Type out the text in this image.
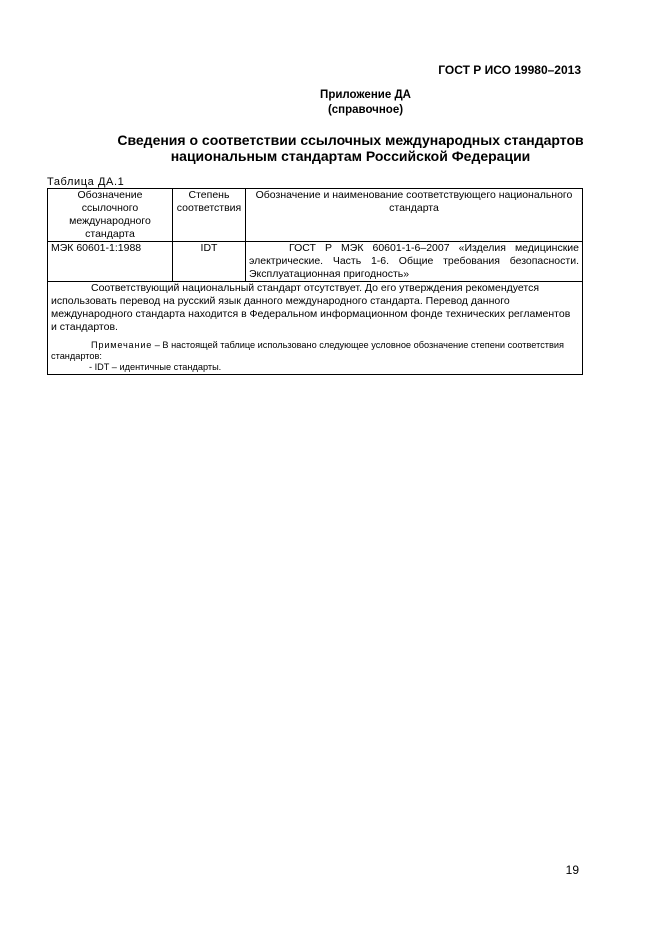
ГОСТ Р ИСО 19980–2013
Приложение ДА
(справочное)
Сведения о соответствии ссылочных международных стандартов
национальным стандартам Российской Федерации
Таблица ДА.1
Обозначение ссылочного международного стандарта	Степень соответствия	Обозначение и наименование соответствующего национального стандарта
МЭК 60601-1:1988	IDT	ГОСТ Р МЭК 60601-1-6–2007 «Изделия медицинские электрические. Часть 1-6. Общие требования безопасности. Эксплуатационная пригодность»

Соответствующий национальный стандарт отсутствует. До его утверждения рекомендуется использовать перевод на русский язык данного международного стандарта. Перевод данного международного стандарта находится в Федеральном информационном фонде технических регламентов и стандартов.
Примечание – В настоящей таблице использовано следующее условное обозначение степени соответствия стандартов:
- IDT – идентичные стандарты.		
19
